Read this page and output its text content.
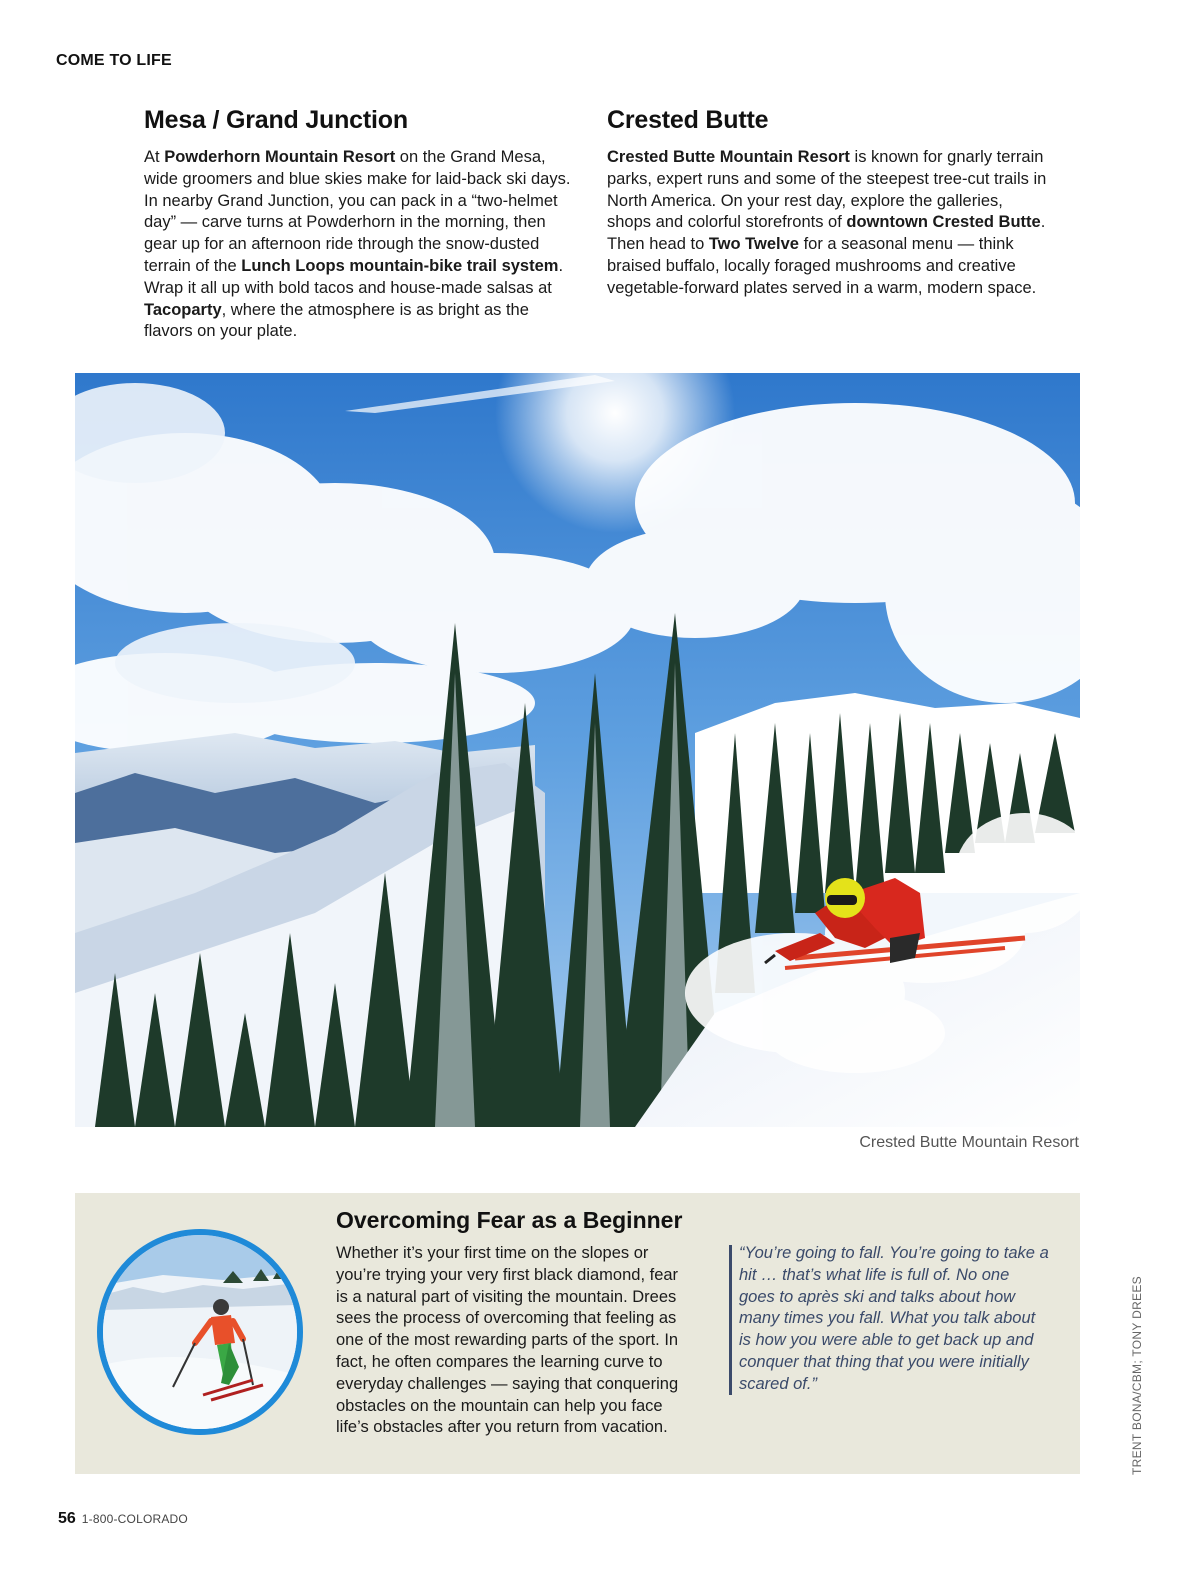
COME TO LIFE
Mesa / Grand Junction

At Powderhorn Mountain Resort on the Grand Mesa, wide groomers and blue skies make for laid-back ski days. In nearby Grand Junction, you can pack in a “two-helmet day” — carve turns at Powderhorn in the morning, then gear up for an afternoon ride through the snow-dusted terrain of the Lunch Loops mountain-bike trail system. Wrap it all up with bold tacos and house-made salsas at Tacoparty, where the atmosphere is as bright as the flavors on your plate.

Crested Butte

Crested Butte Mountain Resort is known for gnarly terrain parks, expert runs and some of the steepest tree-cut trails in North America. On your rest day, explore the galleries, shops and colorful storefronts of downtown Crested Butte. Then head to Two Twelve for a seasonal menu — think braised buffalo, locally foraged mushrooms and creative vegetable-forward plates served in a warm, modern space.

Crested Butte Mountain Resort
Overcoming Fear as a Beginner

Whether it’s your first time on the slopes or you’re trying your very first black diamond, fear is a natural part of visiting the mountain. Drees sees the process of overcoming that feeling as one of the most rewarding parts of the sport. In fact, he often compares the learning curve to everyday challenges — saying that conquering obstacles on the mountain can help you face life’s obstacles after you return from vacation.

“You’re going to fall. You’re going to take a hit … that’s what life is full of. No one goes to après ski and talks about how many times you fall. What you talk about is how you were able to get back up and conquer that thing that you were initially scared of.”	TRENT BONA/CBM; TONY DREES
56 1-800-COLORADO
